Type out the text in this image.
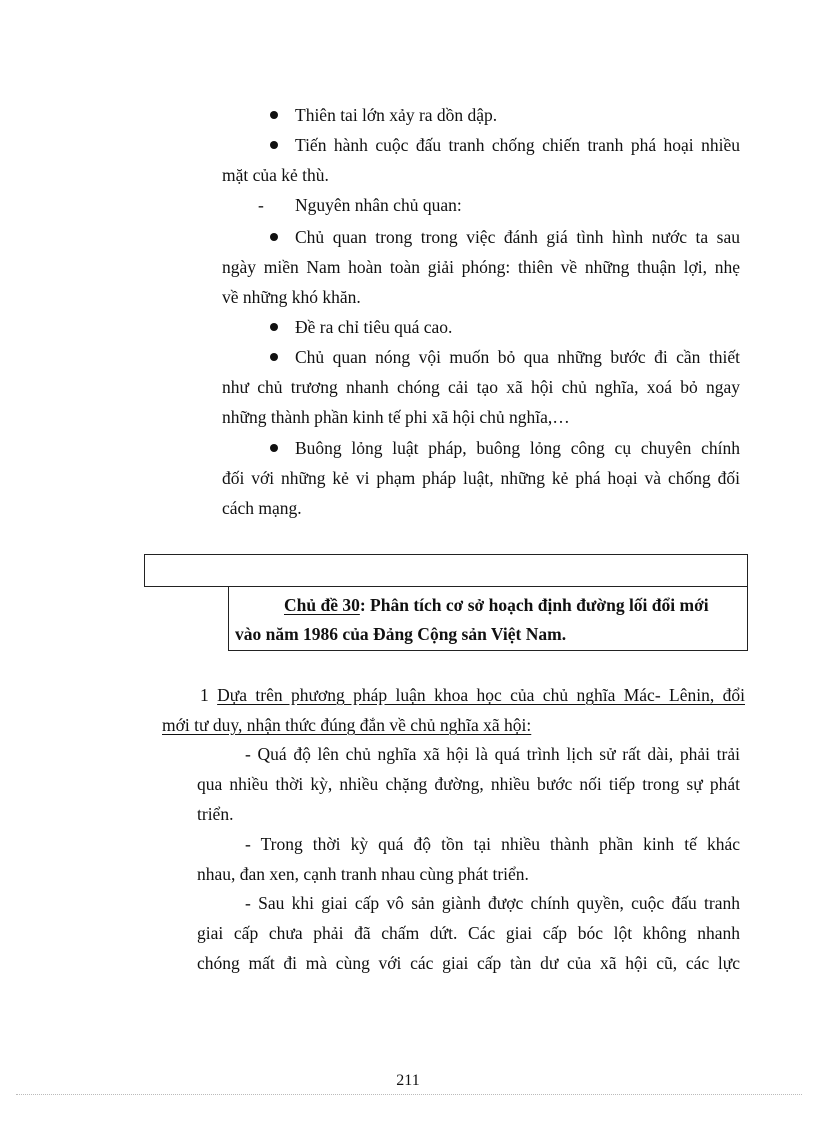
Thiên tai lớn xảy ra dồn dập.
Tiến hành cuộc đấu tranh chống chiến tranh phá hoại nhiều
mặt của kẻ thù.
- Nguyên nhân chủ quan:
Chủ quan trong trong việc đánh giá tình hình nước ta sau
ngày miền Nam hoàn toàn giải phóng: thiên về những thuận lợi, nhẹ
về những khó khăn.
Đề ra chỉ tiêu quá cao.
Chủ quan nóng vội muốn bỏ qua những bước đi cần thiết
như chủ trương nhanh chóng cải tạo xã hội chủ nghĩa, xoá bỏ ngay
những thành phần kinh tế phi xã hội chủ nghĩa,…
Buông lỏng luật pháp, buông lỏng công cụ chuyên chính
đối với những kẻ vi phạm pháp luật, những kẻ phá hoại và chống đối
cách mạng.
Chủ đề 30: Phân tích cơ sở hoạch định đường lối đổi mới
vào năm 1986 của Đảng Cộng sản Việt Nam.
1 Dựa trên phương pháp luận khoa học của chủ nghĩa Mác- Lênin, đổi
mới tư duy, nhận thức đúng đắn về chủ nghĩa xã hội:
- Quá độ lên chủ nghĩa xã hội là quá trình lịch sử rất dài, phải trải
qua nhiều thời kỳ, nhiều chặng đường, nhiều bước nối tiếp trong sự phát
triển.
- Trong thời kỳ quá độ tồn tại nhiều thành phần kinh tế khác
nhau, đan xen, cạnh tranh nhau cùng phát triển.
- Sau khi giai cấp vô sản giành được chính quyền, cuộc đấu tranh
giai cấp chưa phải đã chấm dứt. Các giai cấp bóc lột không nhanh
chóng mất đi mà cùng với các giai cấp tàn dư của xã hội cũ, các lực
211
